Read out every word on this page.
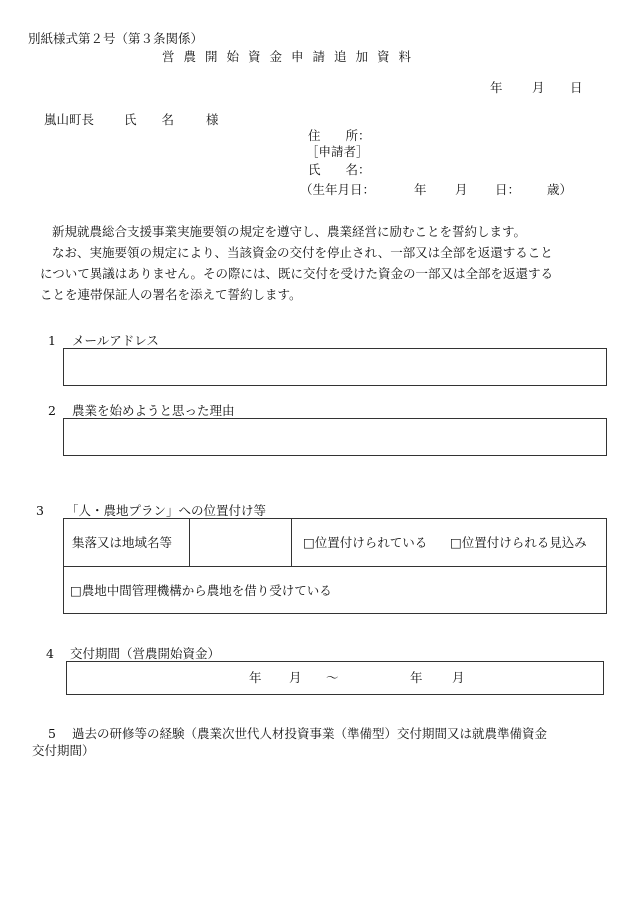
別紙様式第２号（第３条関係）
営農開始資金申請追加資料
年 月 日
嵐山町長 氏　　名	様
住　　所：
［申請者］
氏　　名：
（生年月日：	年 月 日： 歳）
新規就農総合支援事業実施要領の規定を遵守し、農業経営に励むことを誓約します。
なお、実施要領の規定により、当該資金の交付を停止され、一部又は全部を返還すること
について異議はありません。その際には、既に交付を受けた資金の一部又は全部を返還する
ことを連帯保証人の署名を添えて誓約します。
1 メールアドレス
2 農業を始めようと思った理由
3 「人・農地プラン」への位置付け等
集落又は地域名等	□位置付けられている □位置付けられる見込み
□農地中間管理機構から農地を借り受けている
4 交付期間（営農開始資金）
年 月 ～	年 月
5 過去の研修等の経験（農業次世代人材投資事業（準備型）交付期間又は就農準備資金
交付期間）
